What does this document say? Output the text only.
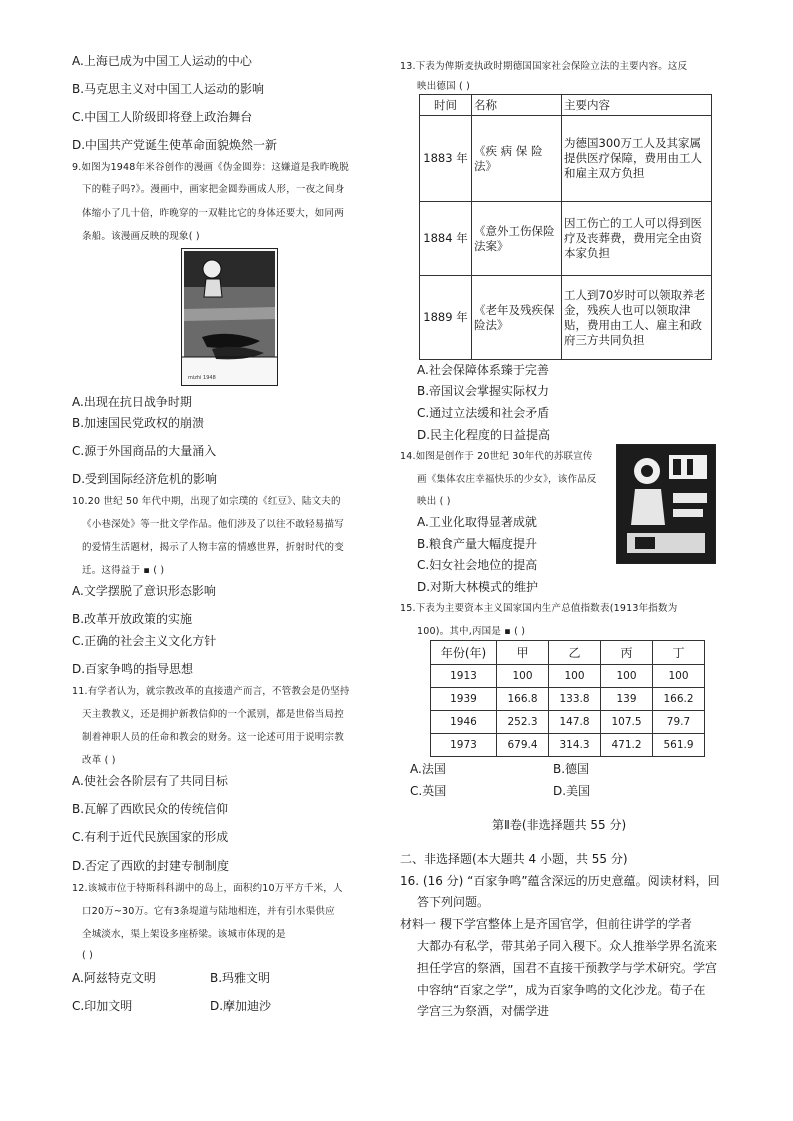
A.上海已成为中国工人运动的中心
B.马克思主义对中国工人运动的影响
C.中国工人阶级即将登上政治舞台
D.中国共产党诞生使革命面貌焕然一新
9.如图为1948年米谷创作的漫画《伪金圆券：这嫌道是我昨晚脱
下的鞋子吗?》。漫画中，画家把金圆券画成人形，一夜之间身
体缩小了几十倍，昨晚穿的一双鞋比它的身体还要大，如同两
条船。该漫画反映的现象( )
mizhi 1948
A.出现在抗日战争时期
B.加速国民党政权的崩溃
C.源于外国商品的大量涌入
D.受到国际经济危机的影响
10.20 世纪 50 年代中期，出现了如宗璞的《红豆》、陆文夫的
《小巷深处》等一批文学作品。他们涉及了以往不敢轻易描写
的爱情生活题材，揭示了人物丰富的情感世界，折射时代的变
迁。这得益于 ▪ ( )
A.文学摆脱了意识形态影响
B.改革开放政策的实施
C.正确的社会主义文化方针
D.百家争鸣的指导思想
11.有学者认为，就宗教改革的直接遗产而言，不管教会是仍坚持
天主教教义，还是拥护新教信仰的一个派别，都是世俗当局控
制着神职人员的任命和教会的财务。这一论述可用于说明宗教
改革 ( )
A.使社会各阶层有了共同目标
B.瓦解了西欧民众的传统信仰
C.有利于近代民族国家的形成
D.否定了西欧的封建专制制度
12.该城市位于特斯科科湖中的岛上，面积约10万平方千米，人
口20万~30万。它有3条堤道与陆地相连，并有引水渠供应
全城淡水，渠上架设多座桥梁。该城市体现的是
( )
A.阿兹特克文明	B.玛雅文明
C.印加文明	D.摩加迪沙
13.下表为俾斯麦执政时期德国国家社会保险立法的主要内容。这反
映出德国 ( )
时间	名称	主要内容
1883 年	《疾 病 保 险法》	为德国300万工人及其家属提供医疗保障，费用由工人和雇主双方负担
1884 年	《意外工伤保险法案》	因工伤亡的工人可以得到医疗及丧葬费，费用完全由资本家负担
1889 年	《老年及残疾保险法》	工人到70岁时可以领取养老金，残疾人也可以领取津贴，费用由工人、雇主和政府三方共同负担
A.社会保障体系臻于完善
B.帝国议会掌握实际权力
C.通过立法缓和社会矛盾
D.民主化程度的日益提高
14.如图是创作于 20世纪 30年代的苏联宣传
画《集体农庄幸福快乐的少女》，该作品反
映出 ( )
A.工业化取得显著成就
B.粮食产量大幅度提升
C.妇女社会地位的提高
D.对斯大林模式的维护
15.下表为主要资本主义国家国内生产总值指数表(1913年指数为
100)。其中,丙国是 ▪ ( )
年份(年)	甲	乙	丙	丁
1913	100	100	100	100
1939	166.8	133.8	139	166.2
1946	252.3	147.8	107.5	79.7
1973	679.4	314.3	471.2	561.9
A.法国	B.德国
C.英国	D.美国
第Ⅱ卷(非选择题共 55 分)
二、非选择题(本大题共 4 小题，共 55 分)
16. (16 分) “百家争鸣”蕴含深远的历史意蕴。阅读材料，回
答下列问题。
材料一 稷下学宫整体上是齐国官学，但前往讲学的学者
大都办有私学，带其弟子同入稷下。众人推举学界名流来
担任学宫的祭酒，国君不直接干预教学与学术研究。学宫
中容纳“百家之学”，成为百家争鸣的文化沙龙。荀子在
学宫三为祭酒，对儒学进
